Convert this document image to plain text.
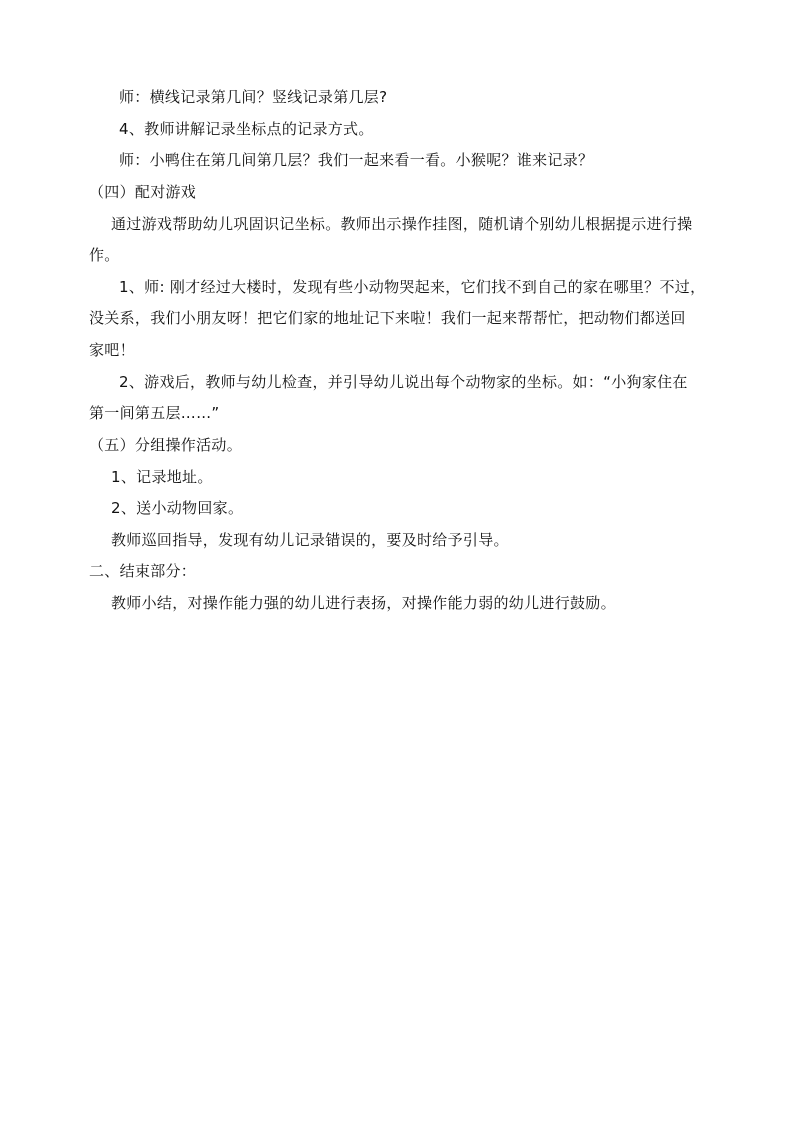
师：横线记录第几间？竖线记录第几层?
4、教师讲解记录坐标点的记录方式。
师：小鸭住在第几间第几层？我们一起来看一看。小猴呢？谁来记录？
（四）配对游戏
通过游戏帮助幼儿巩固识记坐标。教师出示操作挂图，随机请个别幼儿根据提示进行操
作。
1、师: 刚才经过大楼时，发现有些小动物哭起来，它们找不到自己的家在哪里？不过，
没关系，我们小朋友呀！把它们家的地址记下来啦！我们一起来帮帮忙，把动物们都送回
家吧！
2、游戏后，教师与幼儿检查，并引导幼儿说出每个动物家的坐标。如：“小狗家住在
第一间第五层……”
（五）分组操作活动。
1、记录地址。
2、送小动物回家。
教师巡回指导，发现有幼儿记录错误的，要及时给予引导。
二、结束部分：
教师小结，对操作能力强的幼儿进行表扬，对操作能力弱的幼儿进行鼓励。
